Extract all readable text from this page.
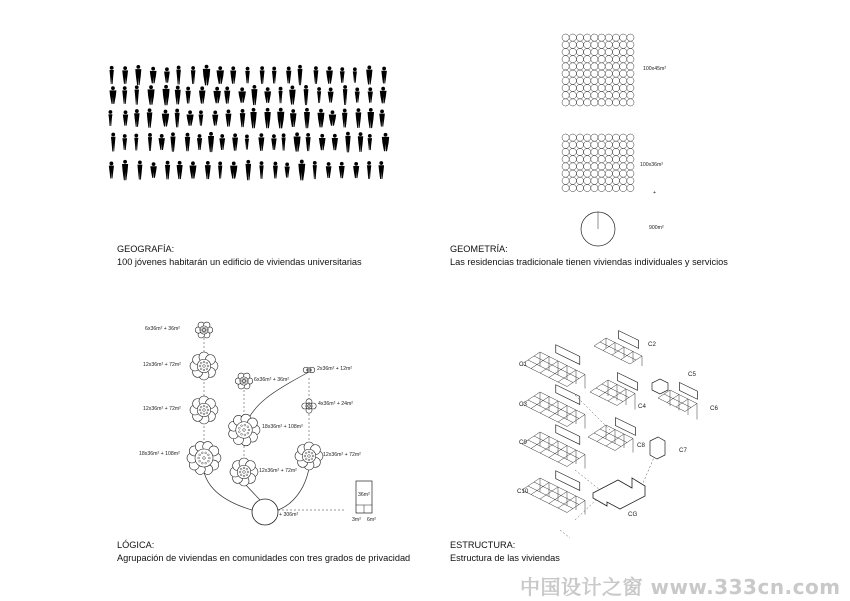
GEOGRAFÍA:
100 jóvenes habitarán un edificio de viviendas universitarias
100x45m²
100x36m²
+
900m²
GEOMETRÍA:
Las residencias tradicionale tienen viviendas individuales y servicios
6x36m² + 36m²
12x36m² + 72m²
12x36m² + 72m²
18x36m² + 108m²
6x36m² + 36m²
18x36m² + 108m²
12x36m² + 72m²
2x36m² + 12m²
4x36m² + 24m²
12x36m² + 72m²
+ 306m²
36m²
3m² 6m²
LÓGICA:
Agrupación de viviendas en comunidades con tres grados de privacidad
C1
C2
C3	C4
C5
C6
C7
C8
C9
C10
CG
ESTRUCTURA:
Estructura de las viviendas
中国设计之窗 www.333cn.com
